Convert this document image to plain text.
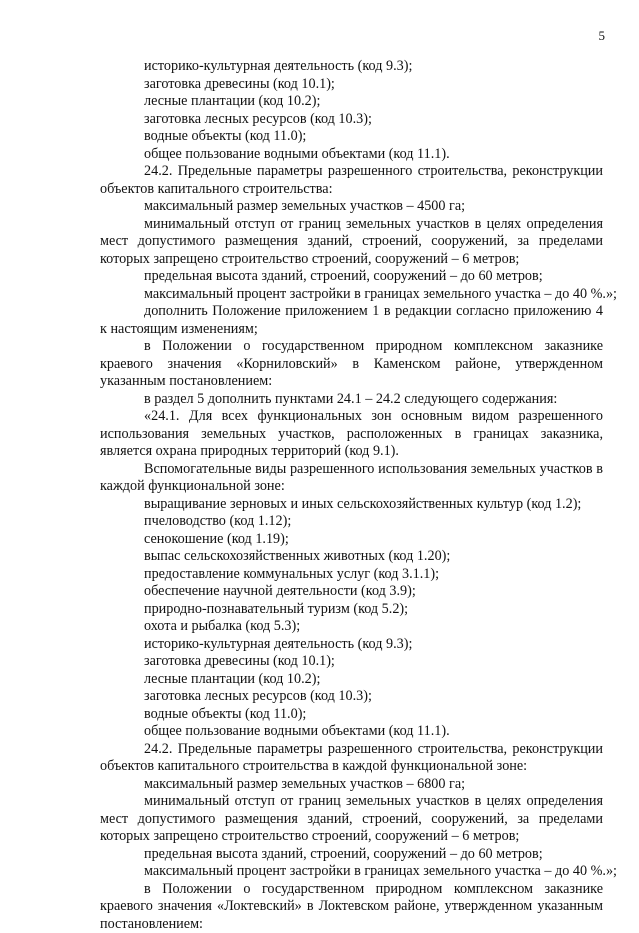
5

историко-культурная деятельность (код 9.3);

заготовка древесины (код 10.1);

лесные плантации (код 10.2);

заготовка лесных ресурсов (код 10.3);

водные объекты (код 11.0);

общее пользование водными объектами (код 11.1).

24.2. Предельные параметры разрешенного строительства, реконструкции объектов капитального строительства:

максимальный размер земельных участков – 4500 га;

минимальный отступ от границ земельных участков в целях определения мест допустимого размещения зданий, строений, сооружений, за пределами которых запрещено строительство строений, сооружений – 6 метров;

предельная высота зданий, строений, сооружений – до 60 метров;

максимальный процент застройки в границах земельного участка – до 40 %.»;

дополнить Положение приложением 1 в редакции согласно приложению 4 к настоящим изменениям;

в Положении о государственном природном комплексном заказнике краевого значения «Корниловский» в Каменском районе, утвержденном указанным постановлением:

в раздел 5 дополнить пунктами 24.1 – 24.2 следующего содержания:

«24.1. Для всех функциональных зон основным видом разрешенного использования земельных участков, расположенных в границах заказника, является охрана природных территорий (код 9.1).

Вспомогательные виды разрешенного использования земельных участков в каждой функциональной зоне:

выращивание зерновых и иных сельскохозяйственных культур (код 1.2);

пчеловодство (код 1.12);

сенокошение (код 1.19);

выпас сельскохозяйственных животных (код 1.20);

предоставление коммунальных услуг (код 3.1.1);

обеспечение научной деятельности (код 3.9);

природно-познавательный туризм (код 5.2);

охота и рыбалка (код 5.3);

историко-культурная деятельность (код 9.3);

заготовка древесины (код 10.1);

лесные плантации (код 10.2);

заготовка лесных ресурсов (код 10.3);

водные объекты (код 11.0);

общее пользование водными объектами (код 11.1).

24.2. Предельные параметры разрешенного строительства, реконструкции объектов капитального строительства в каждой функциональной зоне:

максимальный размер земельных участков – 6800 га;

минимальный отступ от границ земельных участков в целях определения мест допустимого размещения зданий, строений, сооружений, за пределами которых запрещено строительство строений, сооружений – 6 метров;

предельная высота зданий, строений, сооружений – до 60 метров;

максимальный процент застройки в границах земельного участка – до 40 %.»;

в Положении о государственном природном комплексном заказнике краевого значения «Локтевский» в Локтевском районе, утвержденном указанным постановлением:
